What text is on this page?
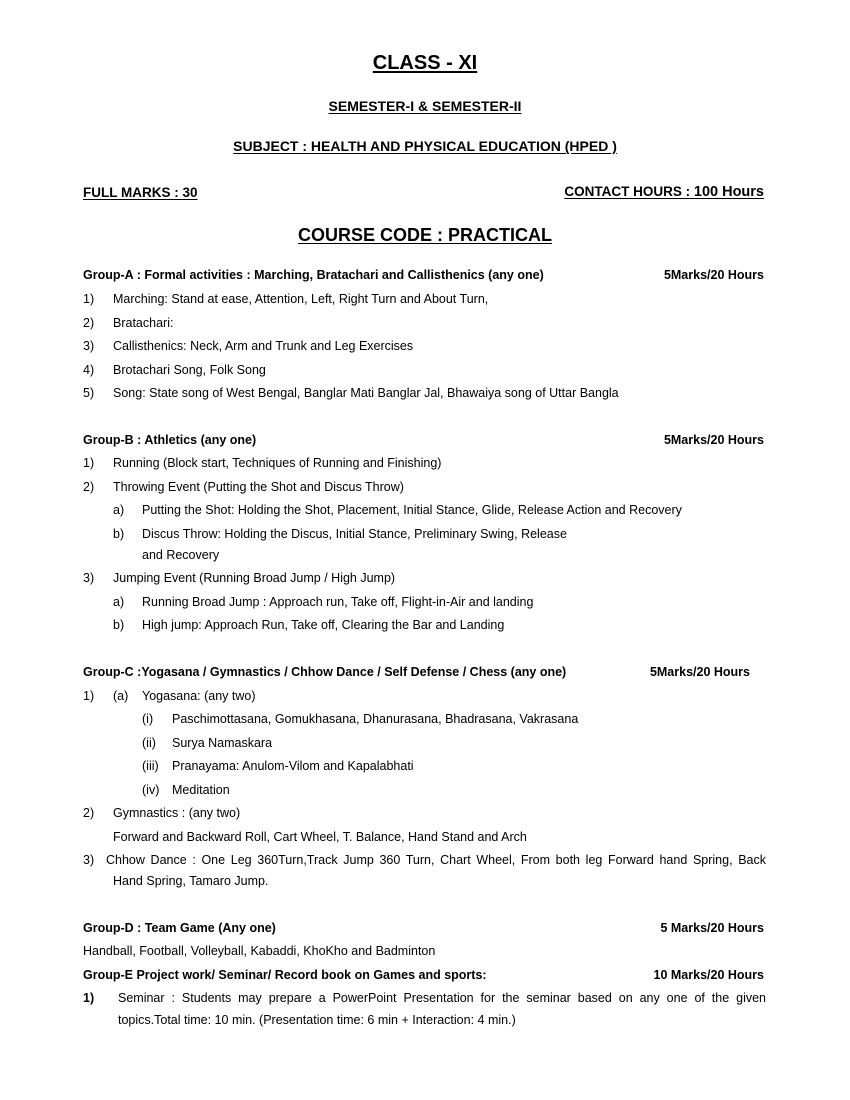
CLASS - XI
SEMESTER-I & SEMESTER-II
SUBJECT : HEALTH AND PHYSICAL EDUCATION (HPED )
FULL MARKS : 30	CONTACT HOURS : 100 Hours
COURSE CODE : PRACTICAL
Group-A : Formal activities : Marching, Bratachari and Callisthenics (any one)	5Marks/20 Hours
1) Marching: Stand at ease, Attention, Left, Right Turn and About Turn,
2) Bratachari:
3) Callisthenics: Neck, Arm and Trunk and Leg Exercises
4) Brotachari Song, Folk Song
5) Song: State song of West Bengal, Banglar Mati Banglar Jal, Bhawaiya song of Uttar Bangla
Group-B : Athletics (any one)	5Marks/20 Hours
1) Running (Block start, Techniques of Running and Finishing)
2) Throwing Event (Putting the Shot and Discus Throw)
a) Putting the Shot: Holding the Shot, Placement, Initial Stance, Glide, Release Action and Recovery
b) Discus Throw: Holding the Discus, Initial Stance, Preliminary Swing, Release
and Recovery
3) Jumping Event (Running Broad Jump / High Jump)
a) Running Broad Jump : Approach run, Take off, Flight-in-Air and landing
b) High jump: Approach Run, Take off, Clearing the Bar and Landing
Group-C :Yogasana / Gymnastics / Chhow Dance / Self Defense / Chess (any one)	5Marks/20 Hours
1) (a) Yogasana: (any two)
(i) Paschimottasana, Gomukhasana, Dhanurasana, Bhadrasana, Vakrasana
(ii) Surya Namaskara
(iii) Pranayama: Anulom-Vilom and Kapalabhati
(iv) Meditation
2) Gymnastics : (any two)
Forward and Backward Roll, Cart Wheel, T. Balance, Hand Stand and Arch
3) Chhow Dance : One Leg 360Turn,Track Jump 360 Turn, Chart Wheel, From both leg Forward hand Spring, Back
Hand Spring, Tamaro Jump.
Group-D : Team Game (Any one)	5 Marks/20 Hours
Handball, Football, Volleyball, Kabaddi, KhoKho and Badminton
Group-E Project work/ Seminar/ Record book on Games and sports:	10 Marks/20 Hours
1) Seminar : Students may prepare a PowerPoint Presentation for the seminar based on any one of the given
topics.Total time: 10 min. (Presentation time: 6 min + Interaction: 4 min.)
